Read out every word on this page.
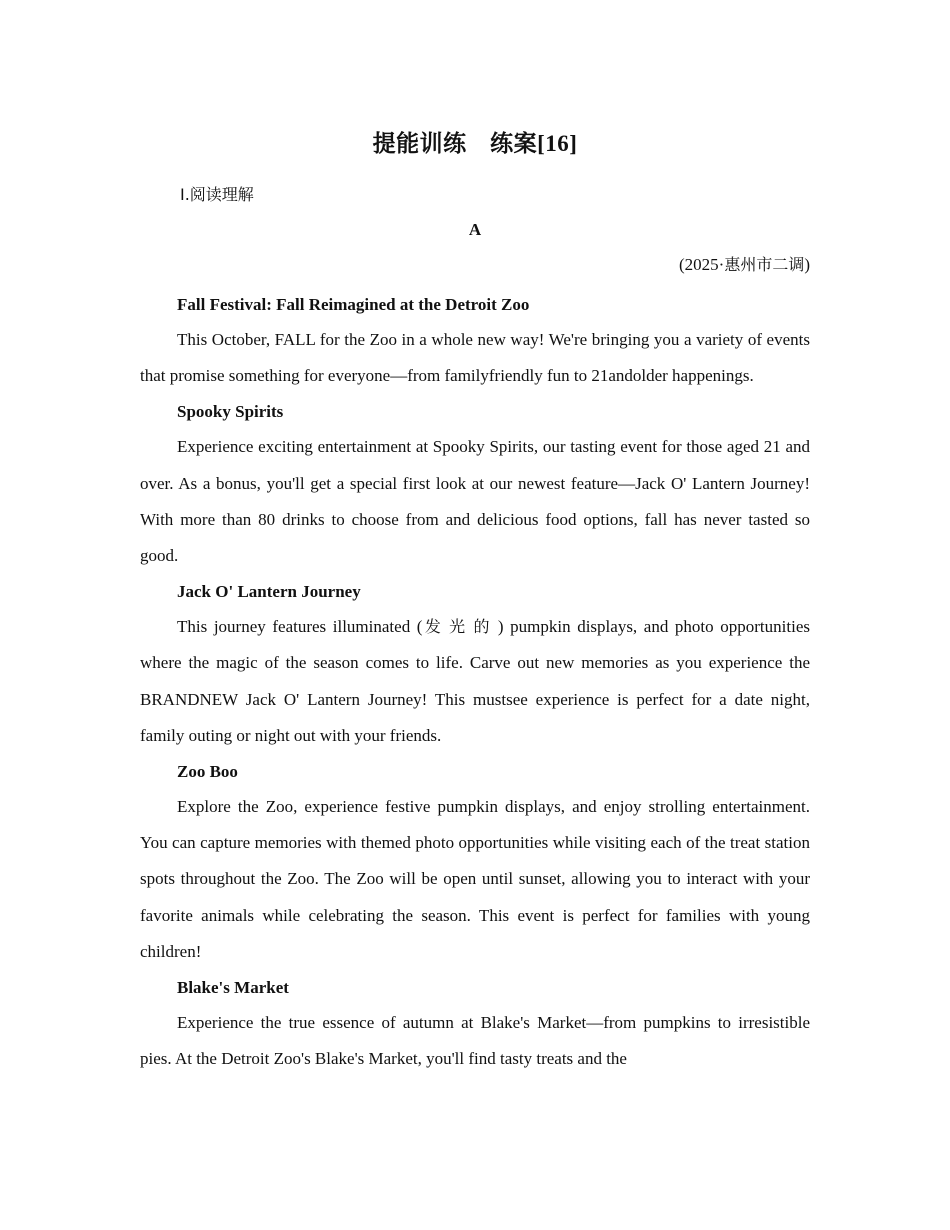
提能训练　练案[16]
Ⅰ.阅读理解
A
(2025·惠州市二调)

Fall Festival: Fall Reimagined at the Detroit Zoo

This October, FALL for the Zoo in a whole new way! We're bringing you a variety of events that promise something for everyone—from familyfriendly fun to 21andolder happenings.

Spooky Spirits

Experience exciting entertainment at Spooky Spirits, our tasting event for those aged 21 and over. As a bonus, you'll get a special first look at our newest feature—Jack O' Lantern Journey! With more than 80 drinks to choose from and delicious food options, fall has never tasted so good.

Jack O' Lantern Journey

This journey features illuminated (发光的) pumpkin displays, and photo opportunities where the magic of the season comes to life. Carve out new memories as you experience the BRANDNEW Jack O' Lantern Journey! This mustsee experience is perfect for a date night, family outing or night out with your friends.

Zoo Boo

Explore the Zoo, experience festive pumpkin displays, and enjoy strolling entertainment. You can capture memories with themed photo opportunities while visiting each of the treat station spots throughout the Zoo. The Zoo will be open until sunset, allowing you to interact with your favorite animals while celebrating the season. This event is perfect for families with young children!

Blake's Market

Experience the true essence of autumn at Blake's Market—from pumpkins to irresistible pies. At the Detroit Zoo's Blake's Market, you'll find tasty treats and the
